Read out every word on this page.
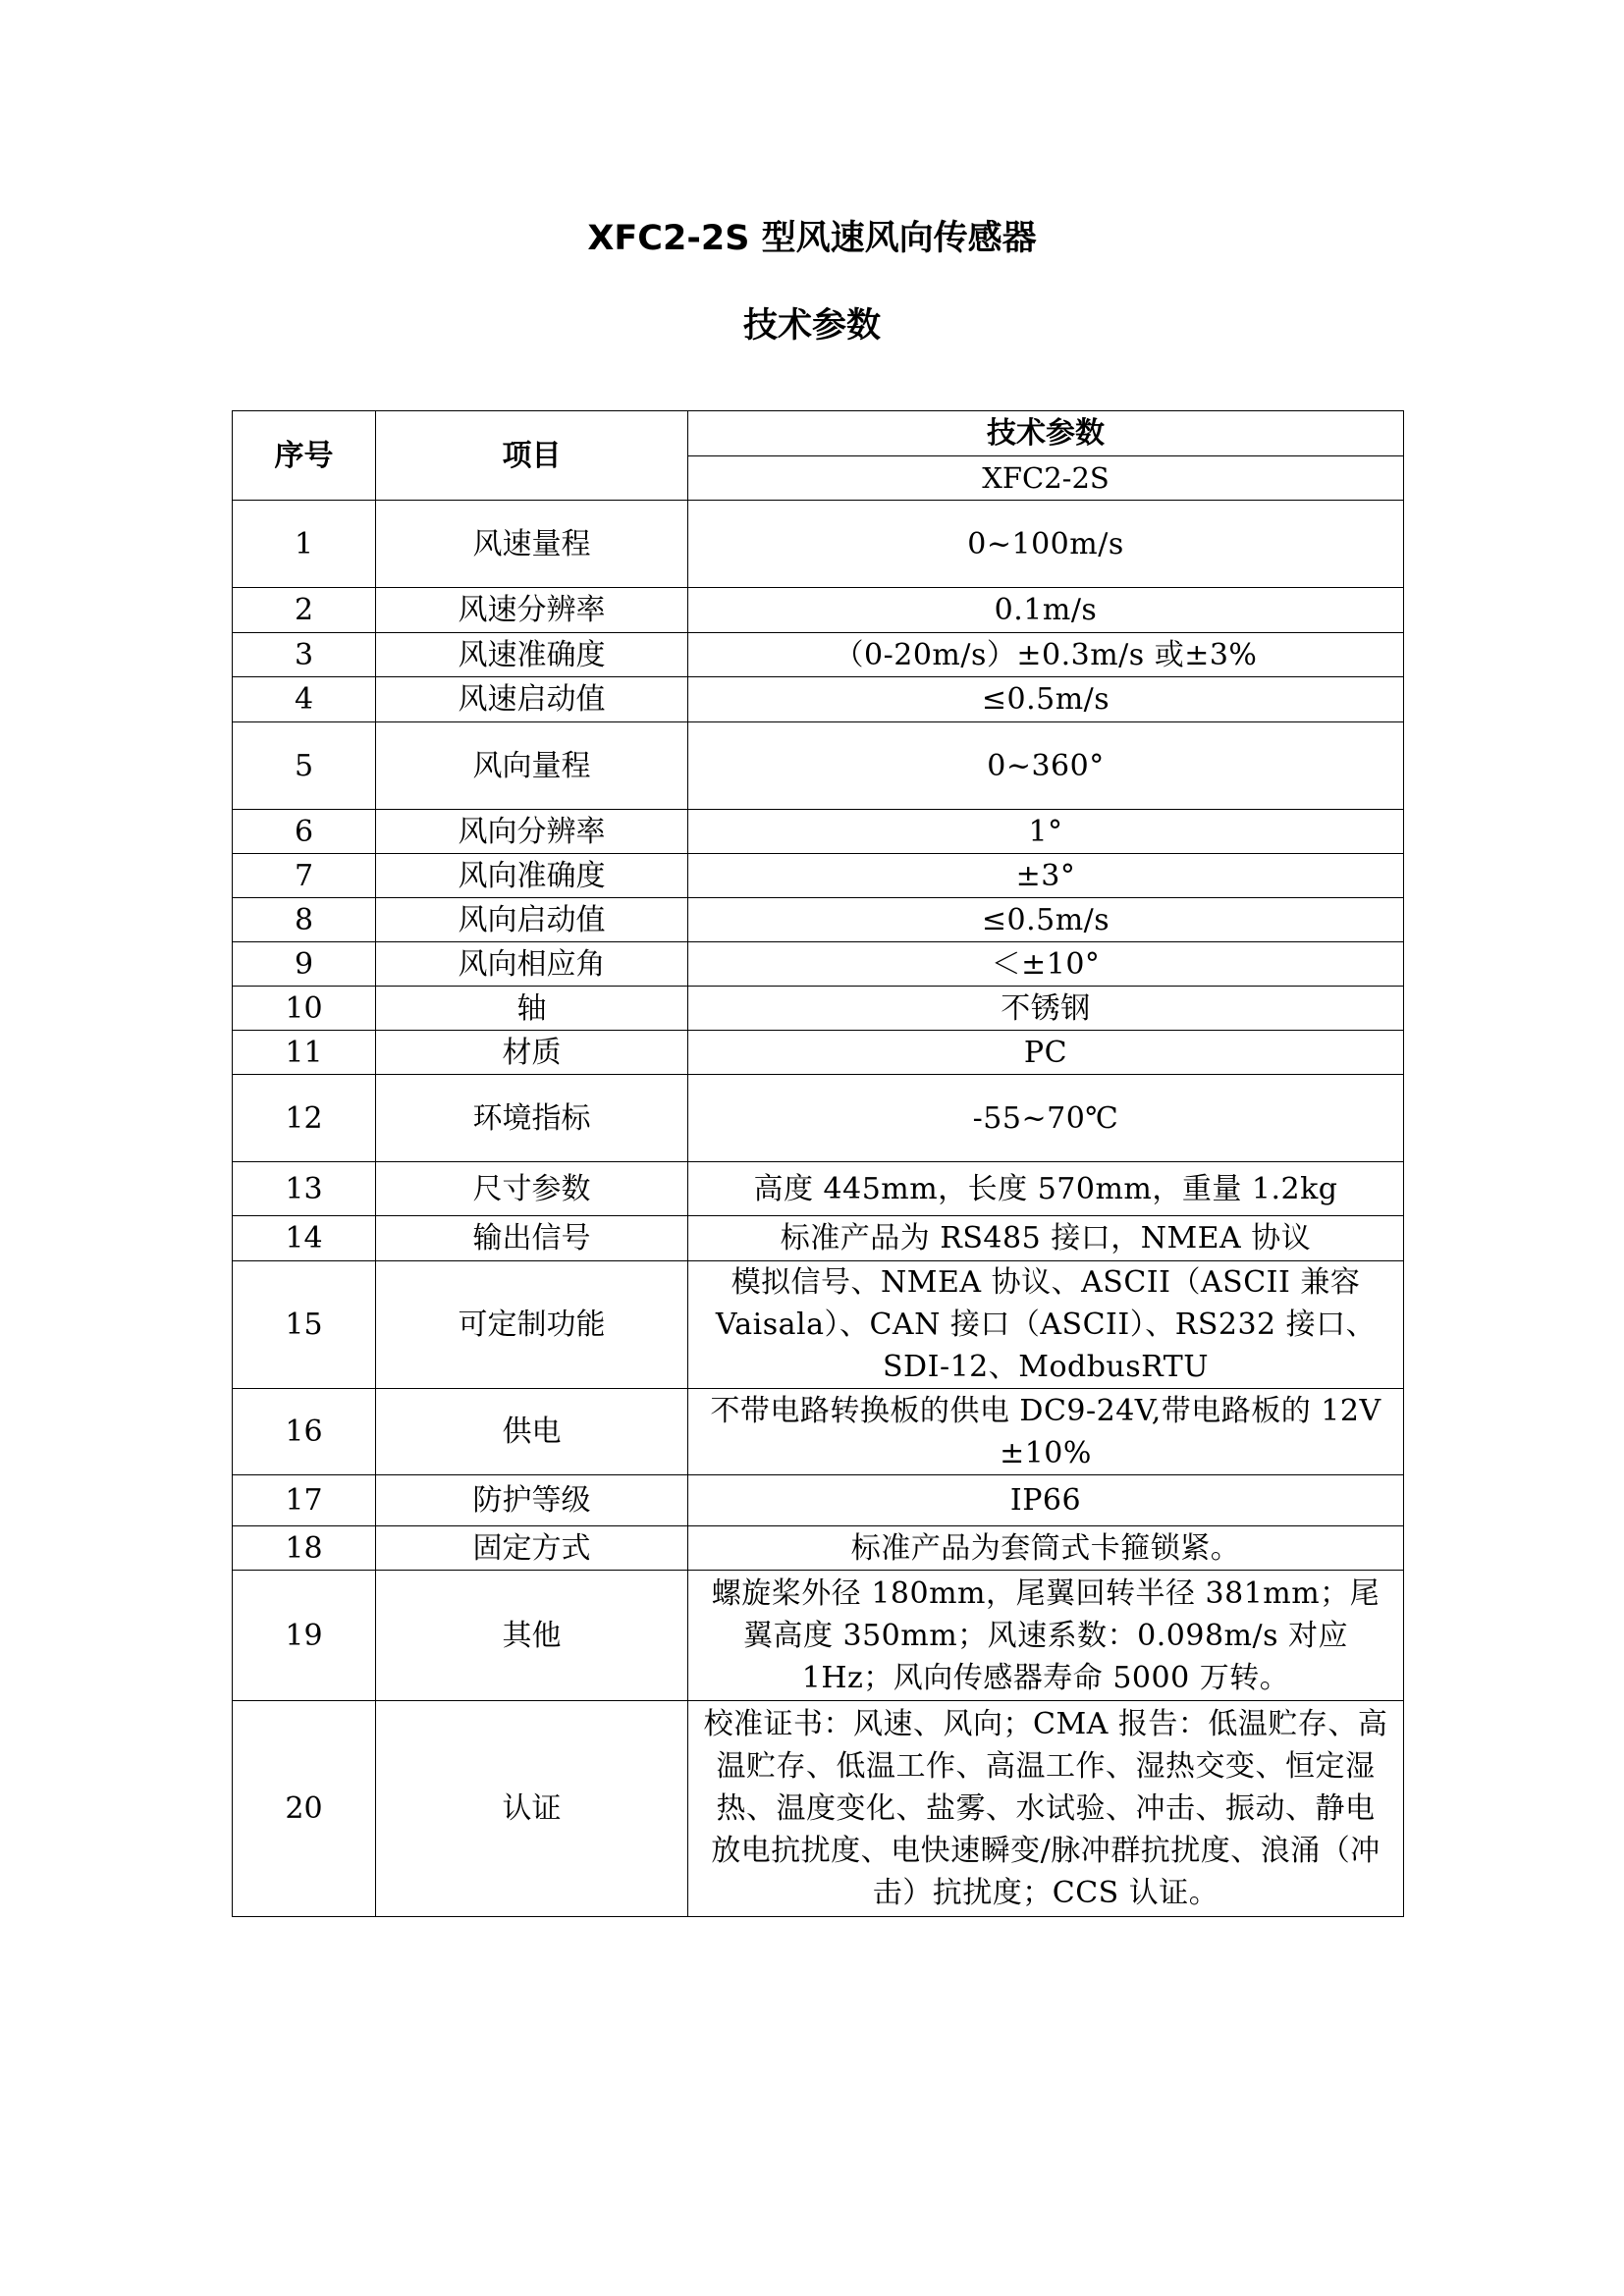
XFC2-2S 型风速风向传感器
技术参数
序号	项目	技术参数
		XFC2-2S
1	风速量程	0~100m/s
2	风速分辨率	0.1m/s
3	风速准确度	（0-20m/s）±0.3m/s 或±3%
4	风速启动值	≤0.5m/s
5	风向量程	0~360°
6	风向分辨率	1°
7	风向准确度	±3°
8	风向启动值	≤0.5m/s
9	风向相应角	＜±10°
10	轴	不锈钢
11	材质	PC
12	环境指标	-55~70℃
13	尺寸参数	高度 445mm，长度 570mm，重量 1.2kg
14	输出信号	标准产品为 RS485 接口，NMEA 协议
15	可定制功能	模拟信号、NMEA 协议、ASCII（ASCII 兼容 Vaisala）、CAN 接口（ASCII）、RS232 接口、SDI-12、ModbusRTU
16	供电	不带电路转换板的供电 DC9-24V,带电路板的 12V ±10%
17	防护等级	IP66
18	固定方式	标准产品为套筒式卡箍锁紧。
19	其他	螺旋桨外径 180mm，尾翼回转半径 381mm；尾翼高度 350mm；风速系数：0.098m/s 对应 1Hz；风向传感器寿命 5000 万转。
20	认证	校准证书：风速、风向；CMA 报告：低温贮存、高温贮存、低温工作、高温工作、湿热交变、恒定湿热、温度变化、盐雾、水试验、冲击、振动、静电放电抗扰度、电快速瞬变/脉冲群抗扰度、浪涌（冲击）抗扰度；CCS 认证。
